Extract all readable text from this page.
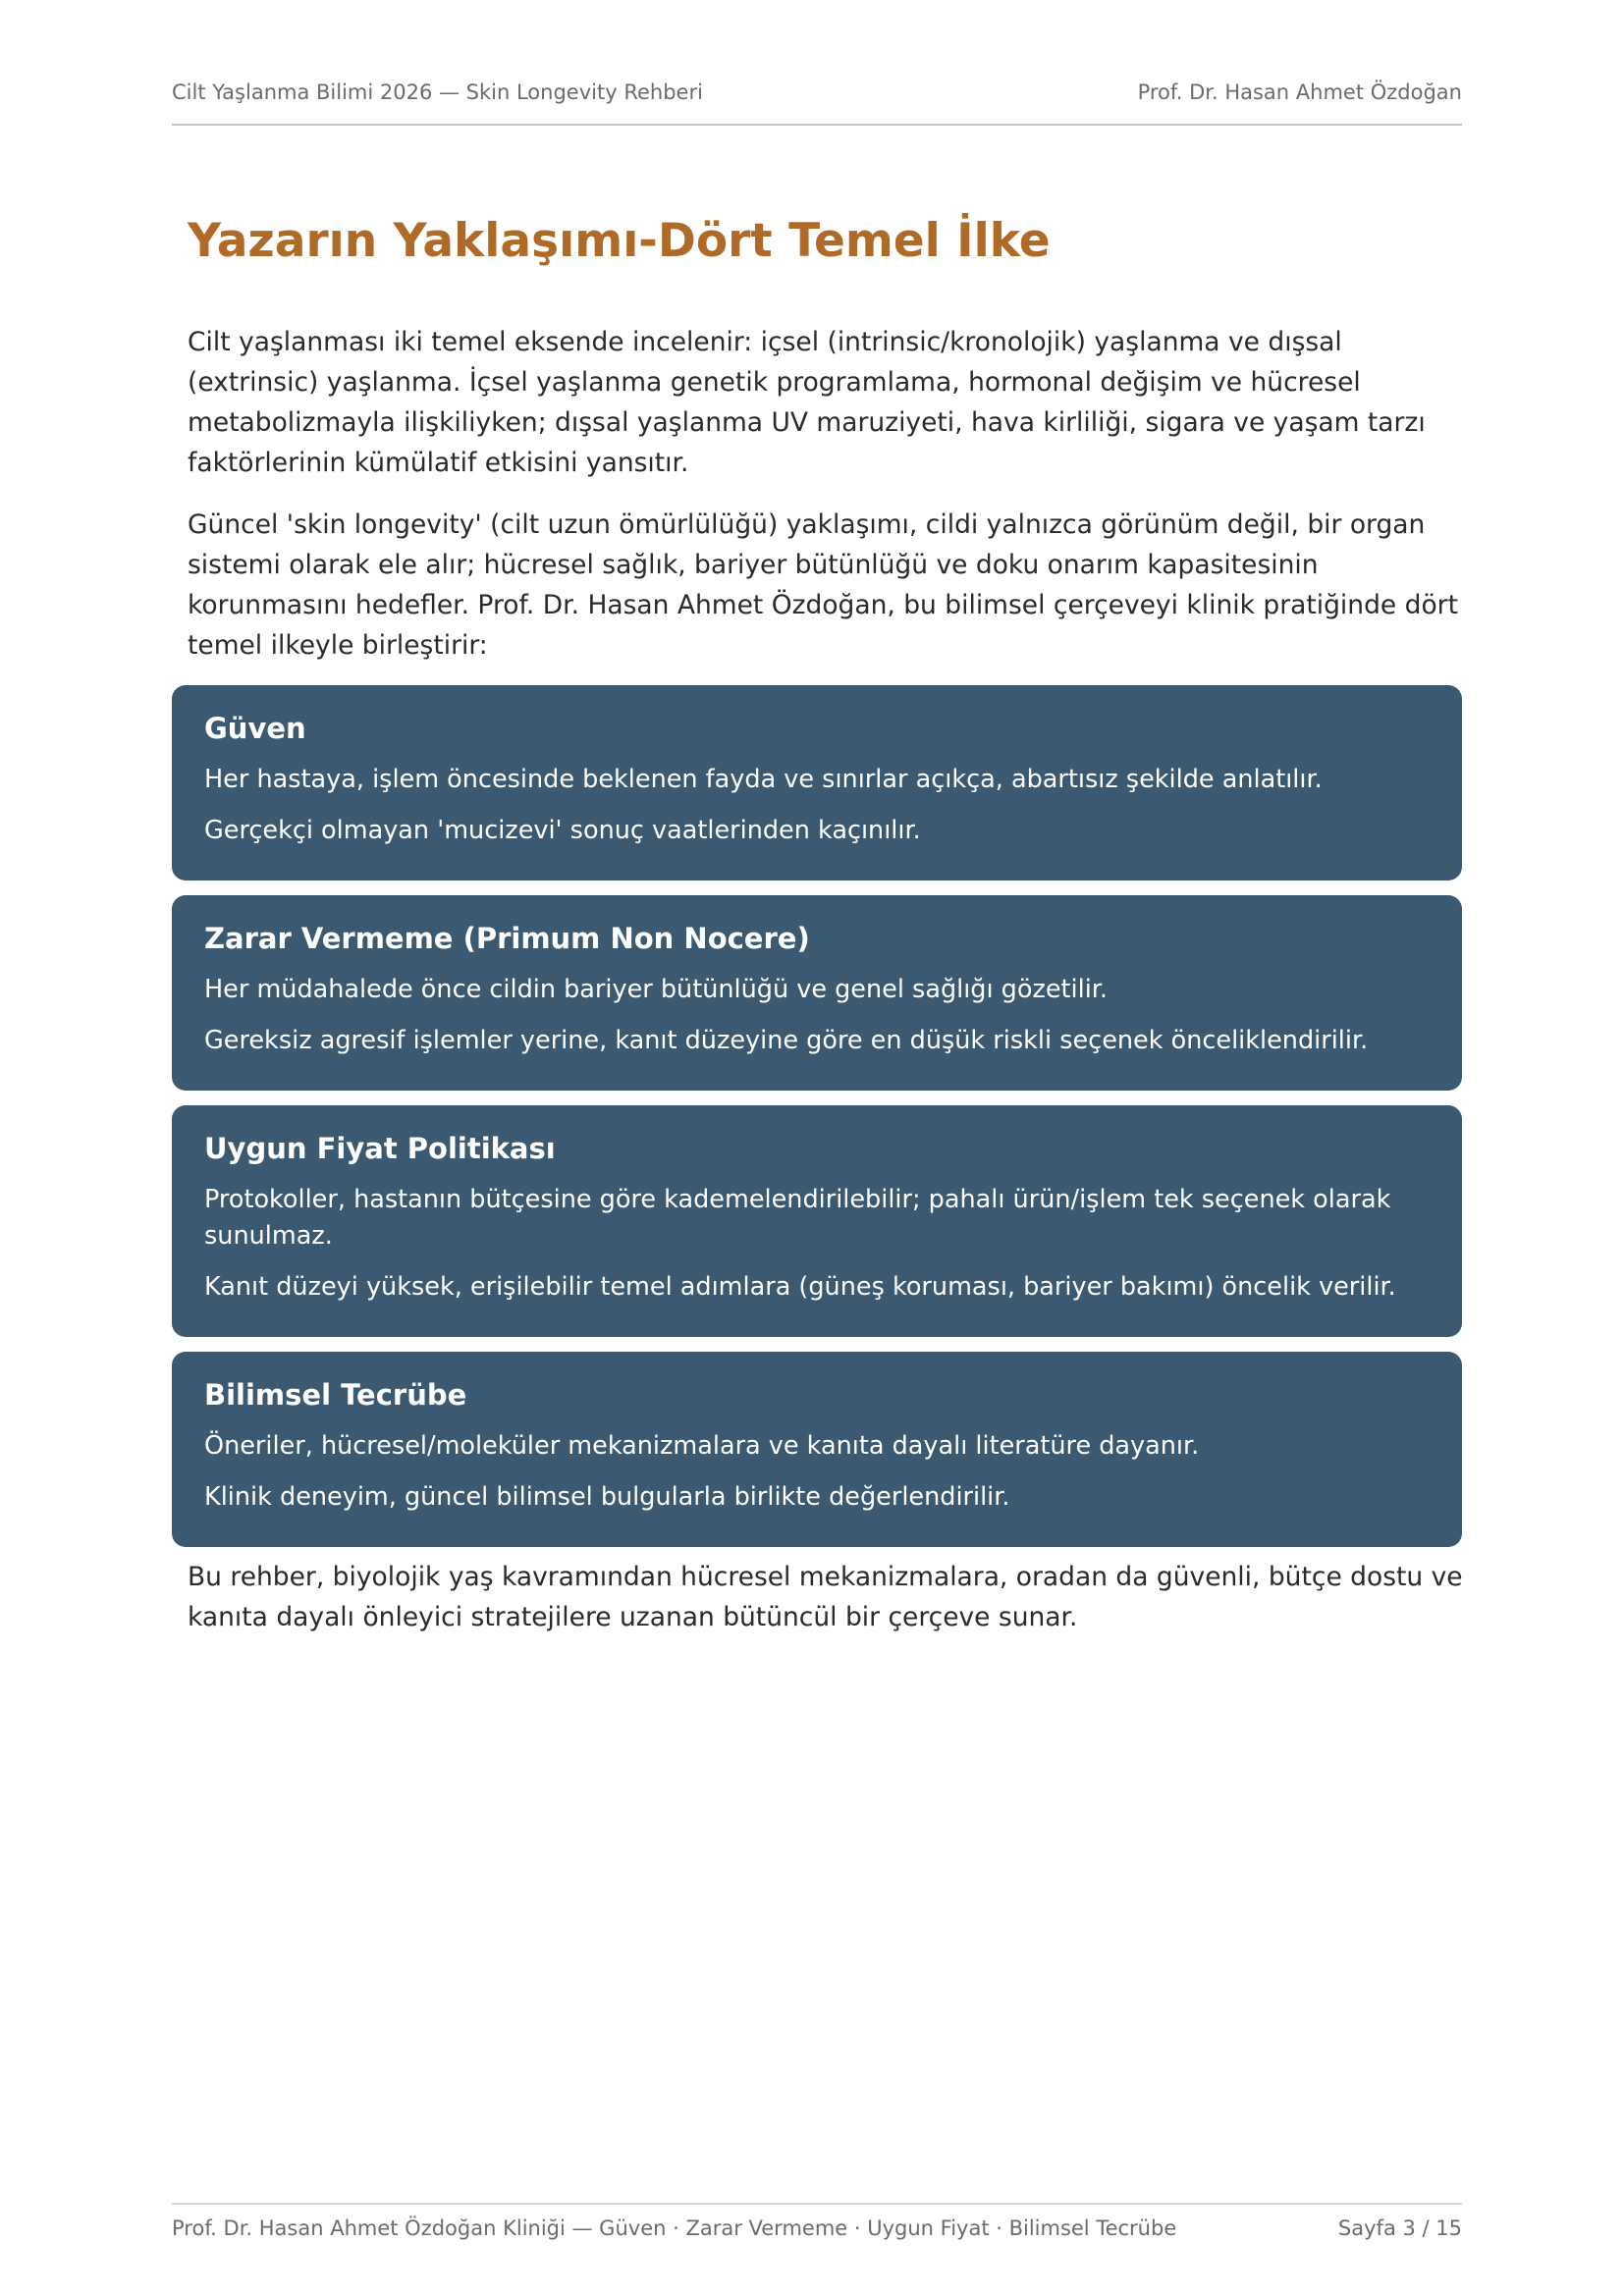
Cilt Yaşlanma Bilimi 2026 — Skin Longevity Rehberi	Prof. Dr. Hasan Ahmet Özdoğan
Yazarın Yaklaşımı-Dört Temel İlke

Cilt yaşlanması iki temel eksende incelenir: içsel (intrinsic/kronolojik) yaşlanma ve dışsal (extrinsic) yaşlanma. İçsel yaşlanma genetik programlama, hormonal değişim ve hücresel metabolizmayla ilişkiliyken; dışsal yaşlanma UV maruziyeti, hava kirliliği, sigara ve yaşam tarzı faktörlerinin kümülatif etkisini yansıtır.

Güncel 'skin longevity' (cilt uzun ömürlülüğü) yaklaşımı, cildi yalnızca görünüm değil, bir organ sistemi olarak ele alır; hücresel sağlık, bariyer bütünlüğü ve doku onarım kapasitesinin korunmasını hedefler. Prof. Dr. Hasan Ahmet Özdoğan, bu bilimsel çerçeveyi klinik pratiğinde dört temel ilkeyle birleştirir:

Güven

Her hastaya, işlem öncesinde beklenen fayda ve sınırlar açıkça, abartısız şekilde anlatılır.

Gerçekçi olmayan 'mucizevi' sonuç vaatlerinden kaçınılır.

Zarar Vermeme (Primum Non Nocere)

Her müdahalede önce cildin bariyer bütünlüğü ve genel sağlığı gözetilir.

Gereksiz agresif işlemler yerine, kanıt düzeyine göre en düşük riskli seçenek önceliklendirilir.

Uygun Fiyat Politikası

Protokoller, hastanın bütçesine göre kademelendirilebilir; pahalı ürün/işlem tek seçenek olarak sunulmaz.

Kanıt düzeyi yüksek, erişilebilir temel adımlara (güneş koruması, bariyer bakımı) öncelik verilir.

Bilimsel Tecrübe

Öneriler, hücresel/moleküler mekanizmalara ve kanıta dayalı literatüre dayanır.

Klinik deneyim, güncel bilimsel bulgularla birlikte değerlendirilir.

Bu rehber, biyolojik yaş kavramından hücresel mekanizmalara, oradan da güvenli, bütçe dostu ve kanıta dayalı önleyici stratejilere uzanan bütüncül bir çerçeve sunar.

Prof. Dr. Hasan Ahmet Özdoğan Kliniği — Güven · Zarar Vermeme · Uygun Fiyat · Bilimsel Tecrübe	Sayfa 3 / 15
